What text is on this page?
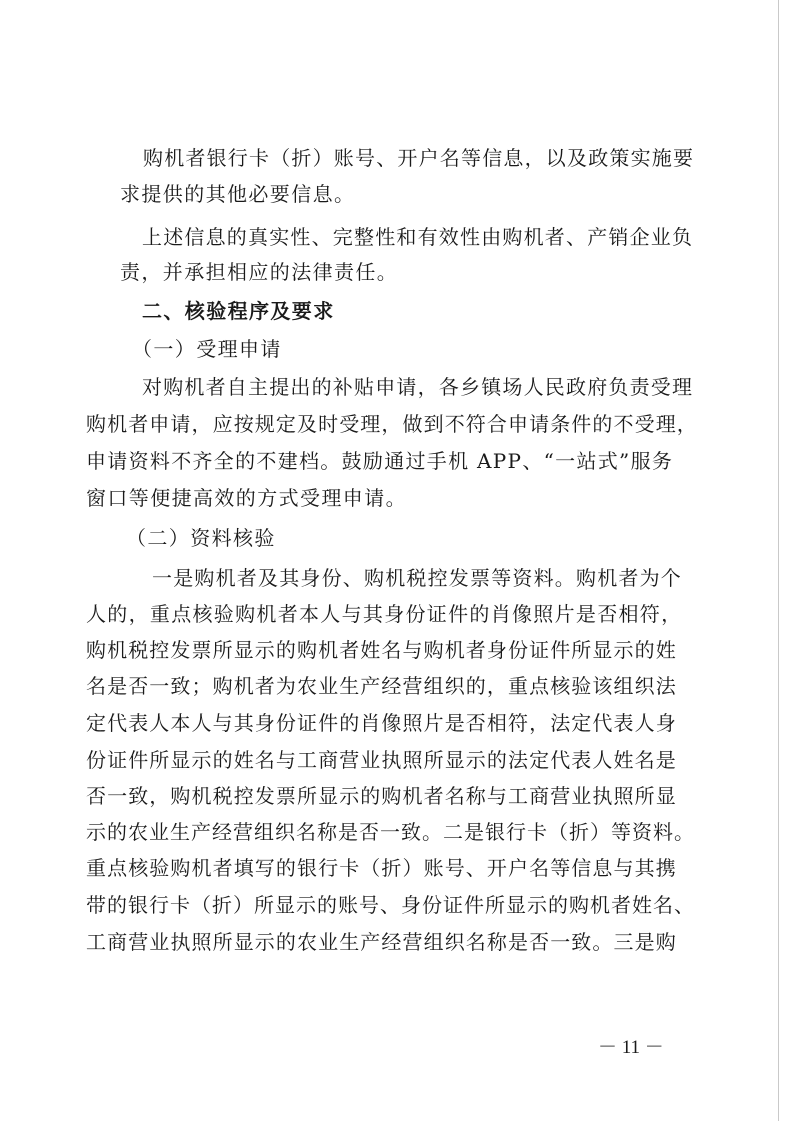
购机者银行卡（折）账号、开户名等信息，以及政策实施要
求提供的其他必要信息。
上述信息的真实性、完整性和有效性由购机者、产销企业负
责，并承担相应的法律责任。
二、核验程序及要求
（一）受理申请
对购机者自主提出的补贴申请，各乡镇场人民政府负责受理
购机者申请，应按规定及时受理，做到不符合申请条件的不受理，
申请资料不齐全的不建档。鼓励通过手机 APP、“一站式”服务
窗口等便捷高效的方式受理申请。
（二）资料核验
一是购机者及其身份、购机税控发票等资料。购机者为个
人的，重点核验购机者本人与其身份证件的肖像照片是否相符，
购机税控发票所显示的购机者姓名与购机者身份证件所显示的姓
名是否一致；购机者为农业生产经营组织的，重点核验该组织法
定代表人本人与其身份证件的肖像照片是否相符，法定代表人身
份证件所显示的姓名与工商营业执照所显示的法定代表人姓名是
否一致，购机税控发票所显示的购机者名称与工商营业执照所显
示的农业生产经营组织名称是否一致。二是银行卡（折）等资料。
重点核验购机者填写的银行卡（折）账号、开户名等信息与其携
带的银行卡（折）所显示的账号、身份证件所显示的购机者姓名、
工商营业执照所显示的农业生产经营组织名称是否一致。三是购
－ 11 －
